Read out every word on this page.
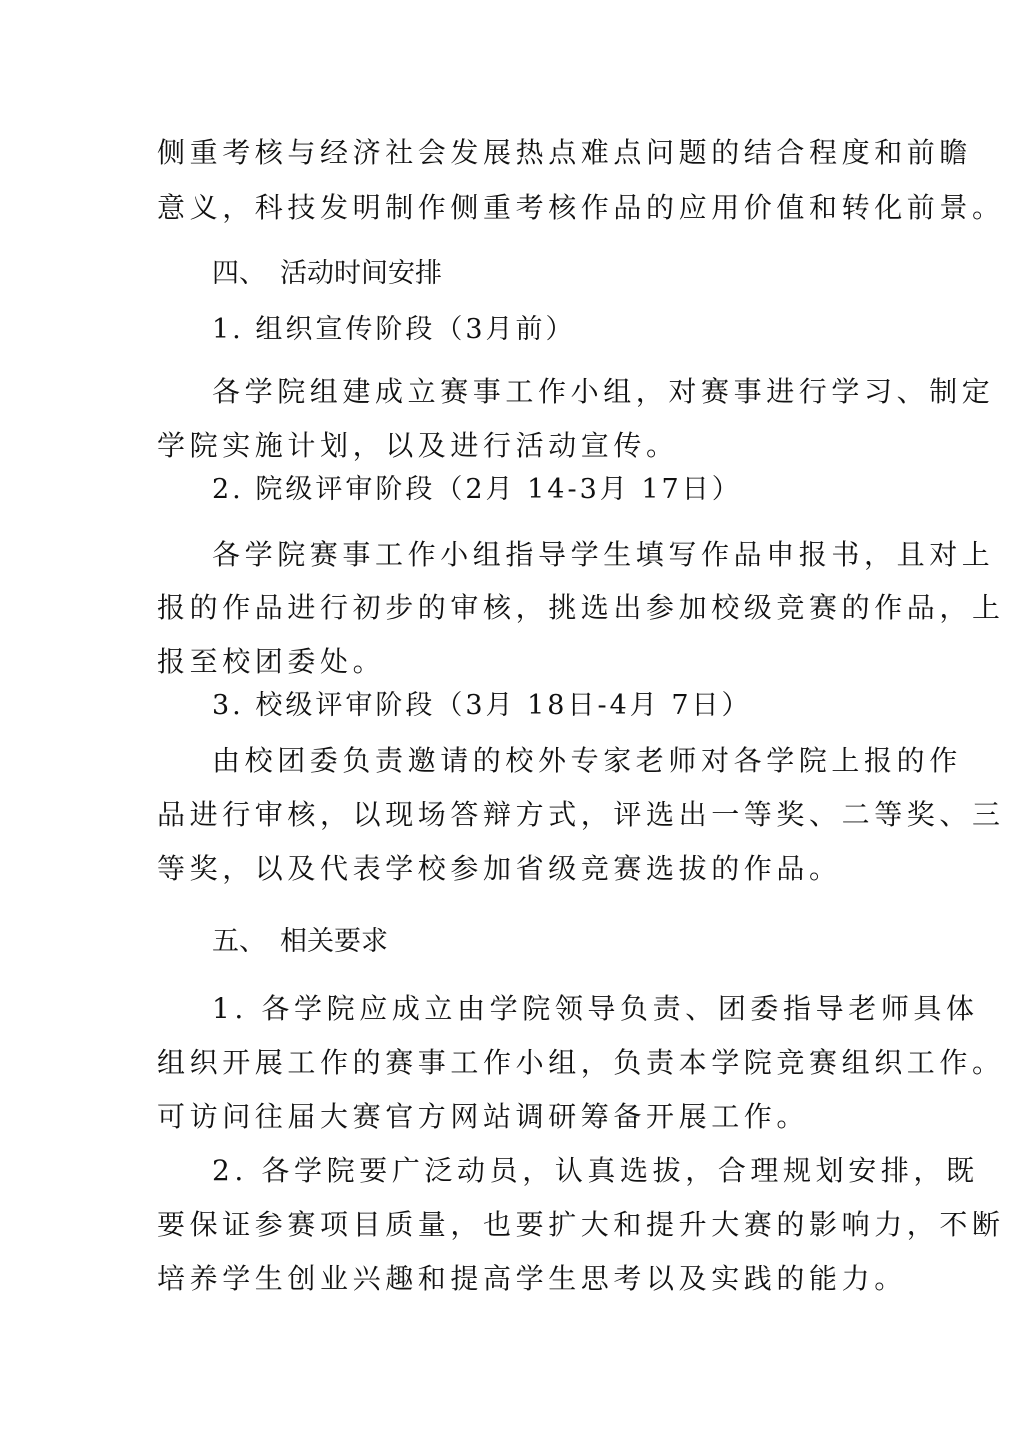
侧重考核与经济社会发展热点难点问题的结合程度和前瞻
意义，科技发明制作侧重考核作品的应用价值和转化前景。
四、 活动时间安排
1. 组织宣传阶段（3月前）
各学院组建成立赛事工作小组，对赛事进行学习、制定
学院实施计划，以及进行活动宣传。
2. 院级评审阶段（2月 14-3月 17日）
各学院赛事工作小组指导学生填写作品申报书，且对上
报的作品进行初步的审核，挑选出参加校级竞赛的作品，上
报至校团委处。
3. 校级评审阶段（3月 18日-4月 7日）
由校团委负责邀请的校外专家老师对各学院上报的作
品进行审核，以现场答辩方式，评选出一等奖、二等奖、三
等奖，以及代表学校参加省级竞赛选拔的作品。
五、 相关要求
1. 各学院应成立由学院领导负责、团委指导老师具体
组织开展工作的赛事工作小组，负责本学院竞赛组织工作。
可访问往届大赛官方网站调研筹备开展工作。
2. 各学院要广泛动员，认真选拔，合理规划安排，既
要保证参赛项目质量，也要扩大和提升大赛的影响力，不断
培养学生创业兴趣和提高学生思考以及实践的能力。
